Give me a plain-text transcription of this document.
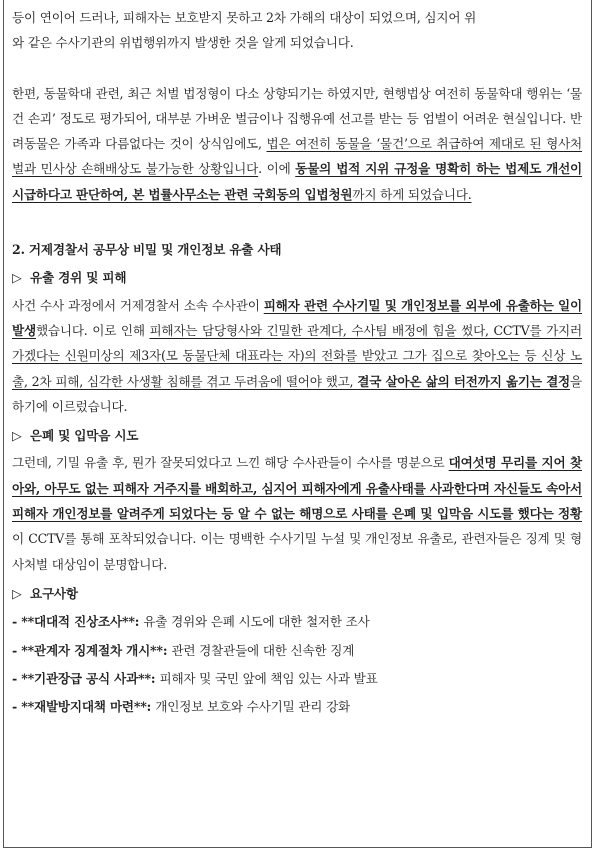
등이 연이어 드러나, 피해자는 보호받지 못하고 2차 가해의 대상이 되었으며, 심지어 위
와 같은 수사기관의 위법행위까지 발생한 것을 알게 되었습니다.

한편, 동물학대 관련, 최근 처벌 법정형이 다소 상향되기는 하였지만, 현행법상 여전히 동물학대 행위는 ‘물건 손괴’ 정도로 평가되어, 대부분 가벼운 벌금이나 집행유예 선고를 받는 등 엄벌이 어려운 현실입니다. 반려동물은 가족과 다름없다는 것이 상식임에도, 법은 여전히 동물을 ‘물건’으로 취급하여 제대로 된 형사처벌과 민사상 손해배상도 불가능한 상황입니다. 이에 동물의 법적 지위 규정을 명확히 하는 법제도 개선이 시급하다고 판단하여, 본 법률사무소는 관련 국회동의 입법청원까지 하게 되었습니다.

2. 거제경찰서 공무상 비밀 및 개인정보 유출 사태

▷ 유출 경위 및 피해

사건 수사 과정에서 거제경찰서 소속 수사관이 피해자 관련 수사기밀 및 개인정보를 외부에 유출하는 일이 발생했습니다. 이로 인해 피해자는 담당형사와 긴밀한 관계다, 수사팀 배정에 힘을 썼다, CCTV를 가지러 가겠다는 신원미상의 제3자(모 동물단체 대표라는 자)의 전화를 받았고 그가 집으로 찾아오는 등 신상 노출, 2차 피해, 심각한 사생활 침해를 겪고 두려움에 떨어야 했고, 결국 살아온 삶의 터전까지 옮기는 결정을 하기에 이르렀습니다.

▷ 은폐 및 입막음 시도

그런데, 기밀 유출 후, 뭔가 잘못되었다고 느낀 해당 수사관들이 수사를 명분으로 대여섯명 무리를 지어 찾아와, 아무도 없는 피해자 거주지를 배회하고, 심지어 피해자에게 유출사태를 사과한다며 자신들도 속아서 피해자 개인정보를 알려주게 되었다는 등 알 수 없는 해명으로 사태를 은폐 및 입막음 시도를 했다는 정황이 CCTV를 통해 포착되었습니다. 이는 명백한 수사기밀 누설 및 개인정보 유출로, 관련자들은 징계 및 형사처벌 대상임이 분명합니다.

▷ 요구사항

- **대대적 진상조사**: 유출 경위와 은폐 시도에 대한 철저한 조사

- **관계자 징계절차 개시**: 관련 경찰관들에 대한 신속한 징계

- **기관장급 공식 사과**: 피해자 및 국민 앞에 책임 있는 사과 발표

- **재발방지대책 마련**: 개인정보 보호와 수사기밀 관리 강화
